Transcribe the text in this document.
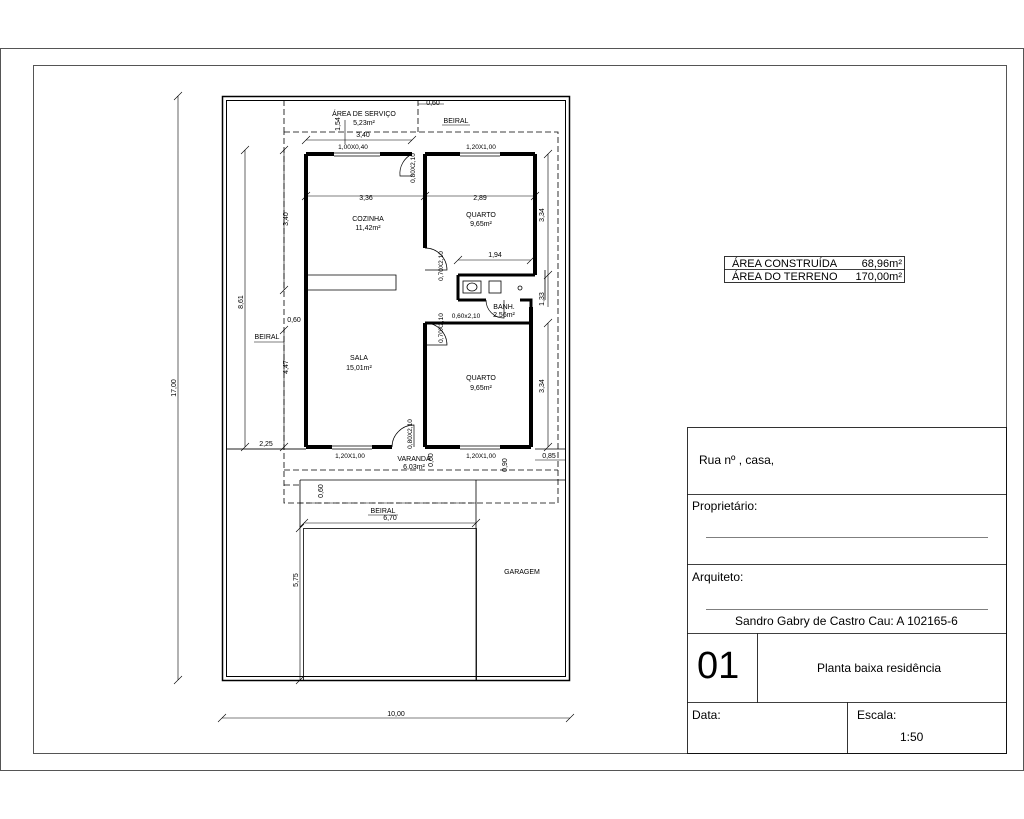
ÁREA DE SERVIÇO
5,23m²
COZINHA
11,42m²
QUARTO
9,65m²
BANH.
2,56m²
SALA
15,01m²
QUARTO
9,65m²
VARANDA
6,03m²
GARAGEM
BEIRAL
BEIRAL
BEIRAL
1,00X0,40	1,20X1,00
1,20X1,00	1,20X1,00
0,60x2,10
0,80X2,10
0,70X2,10
0,70X2,10
0,80X2,10
0,60
1,54
3,40
3,36	2,89
1,94
3,34
1,33
3,34
3,40
8,61
0,60
4,47
2,25
0,60	0,90
0,85
0,60
6,70
5,75
17,00
10,00
ÁREA CONSTRUÍDA 68,96m²
ÁREA DO TERRENO 170,00m²
Rua nº , casa,
Proprietário:
Arquiteto:
Sandro Gabry de Castro Cau: A 102165-6
01	Planta baixa residência
Data:	Escala:
1:50
